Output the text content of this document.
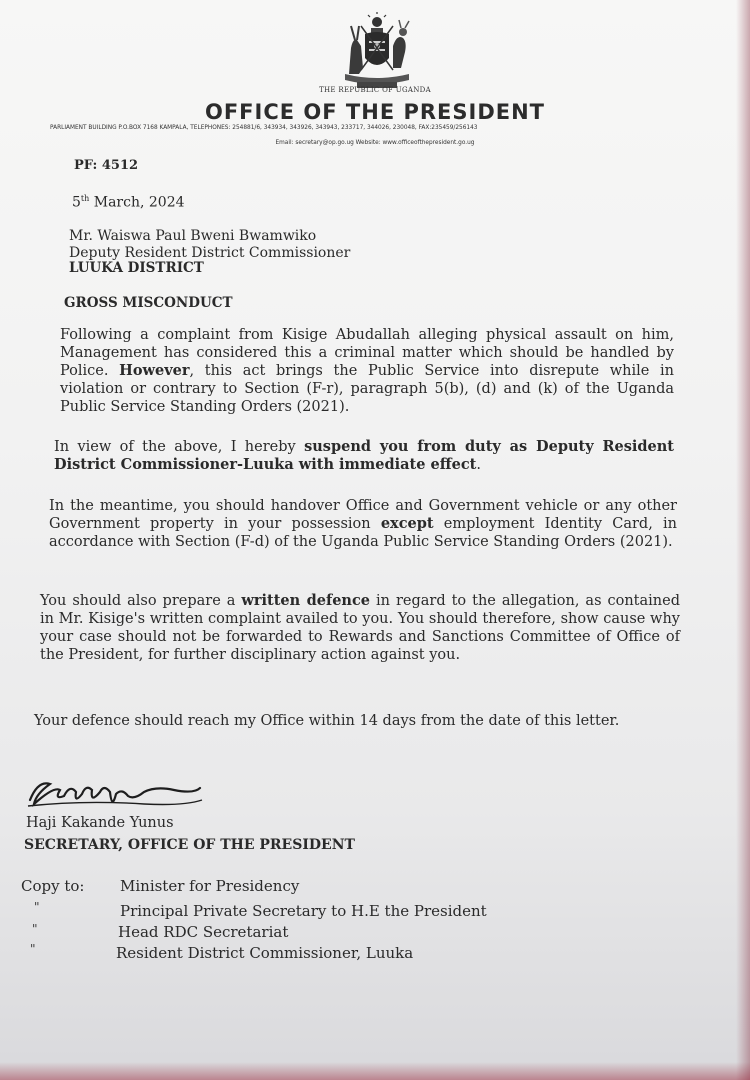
THE REPUBLIC OF UGANDA
OFFICE OF THE PRESIDENT
PARLIAMENT BUILDING P.O.BOX 7168 KAMPALA, TELEPHONES: 254881/6, 343934, 343926, 343943, 233717, 344026, 230048, FAX:235459/256143
Email: secretary@op.go.ug Website: www.officeofthepresident.go.ug
PF: 4512
5th March, 2024
Mr. Waiswa Paul Bweni Bwamwiko
Deputy Resident District Commissioner
LUUKA DISTRICT
GROSS MISCONDUCT
Following a complaint from Kisige Abudallah alleging physical assault on him, Management has considered this a criminal matter which should be handled by Police. However, this act brings the Public Service into disrepute while in violation or contrary to Section (F-r), paragraph 5(b), (d) and (k) of the Uganda Public Service Standing Orders (2021).
In view of the above, I hereby suspend you from duty as Deputy Resident District Commissioner-Luuka with immediate effect.
In the meantime, you should handover Office and Government vehicle or any other Government property in your possession except employment Identity Card, in accordance with Section (F-d) of the Uganda Public Service Standing Orders (2021).
You should also prepare a written defence in regard to the allegation, as contained in Mr. Kisige's written complaint availed to you. You should therefore, show cause why your case should not be forwarded to Rewards and Sanctions Committee of Office of the President, for further disciplinary action against you.
Your defence should reach my Office within 14 days from the date of this letter.
Haji Kakande Yunus
SECRETARY, OFFICE OF THE PRESIDENT
Copy to: Minister for Presidency
"	Principal Private Secretary to H.E the President
"	Head RDC Secretariat
"	Resident District Commissioner, Luuka
